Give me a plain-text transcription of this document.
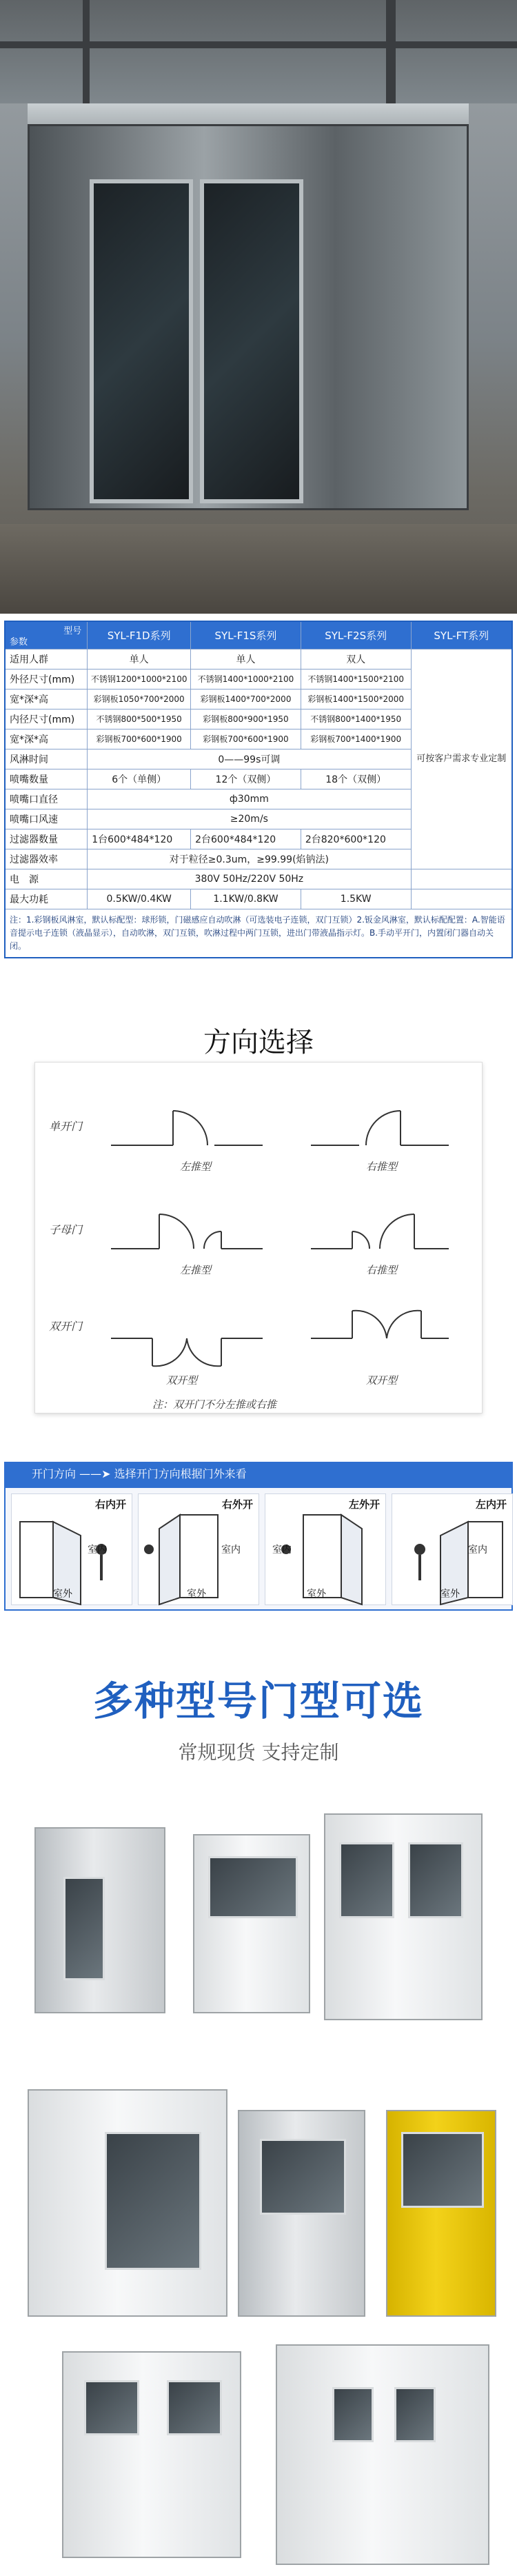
型号
参数	SYL-F1D系列	SYL-F1S系列	SYL-F2S系列	SYL-FT系列
适用人群	单人	单人	双人	可按客户需求专业定制
外径尺寸(mm)	不锈钢1200*1000*2100	不锈钢1400*1000*2100	不锈钢1400*1500*2100	
宽*深*高	彩钢板1050*700*2000	彩钢板1400*700*2000	彩钢板1400*1500*2000	
内径尺寸(mm)	不锈钢800*500*1950	彩钢板800*900*1950	不锈钢800*1400*1950	
宽*深*高	彩钢板700*600*1900	彩钢板700*600*1900	彩钢板700*1400*1900	
风淋时间	0——99s可调			
喷嘴数量	6个（单侧）	12个（双侧）	18个（双侧）	
喷嘴口直径	ф30mm			
喷嘴口风速	≥20m/s			
过滤器数量	1台600*484*120	2台600*484*120	2台820*600*120	
过滤器效率	对于粒径≥0.3um，≥99.99(焰钠法)			
电　源	380V 50Hz/220V 50Hz			
最大功耗	0.5KW/0.4KW	1.1KW/0.8KW	1.5KW	
注：1.彩钢板风淋室，默认标配型：球形锁，门磁感应自动吹淋（可选装电子连锁，双门互锁）2.钣金风淋室，默认标配配置：A.智能语音提示电子连锁（液晶显示），自动吹淋，双门互锁，吹淋过程中两门互锁，进出门带液晶指示灯。B.手动平开门，内置闭门器自动关闭。				
方向选择
单开门
子母门
双开门
左推型	右推型
左推型	右推型
双开型	双开型
注：双开门不分左推或右推
开门方向 ——➤ 选择开门方向根据门外来看
右内开
室内
室外
右外开
室内
室外
左外开
室内
室外
左内开
室内
室外
多种型号门型可选
常规现货 支持定制
